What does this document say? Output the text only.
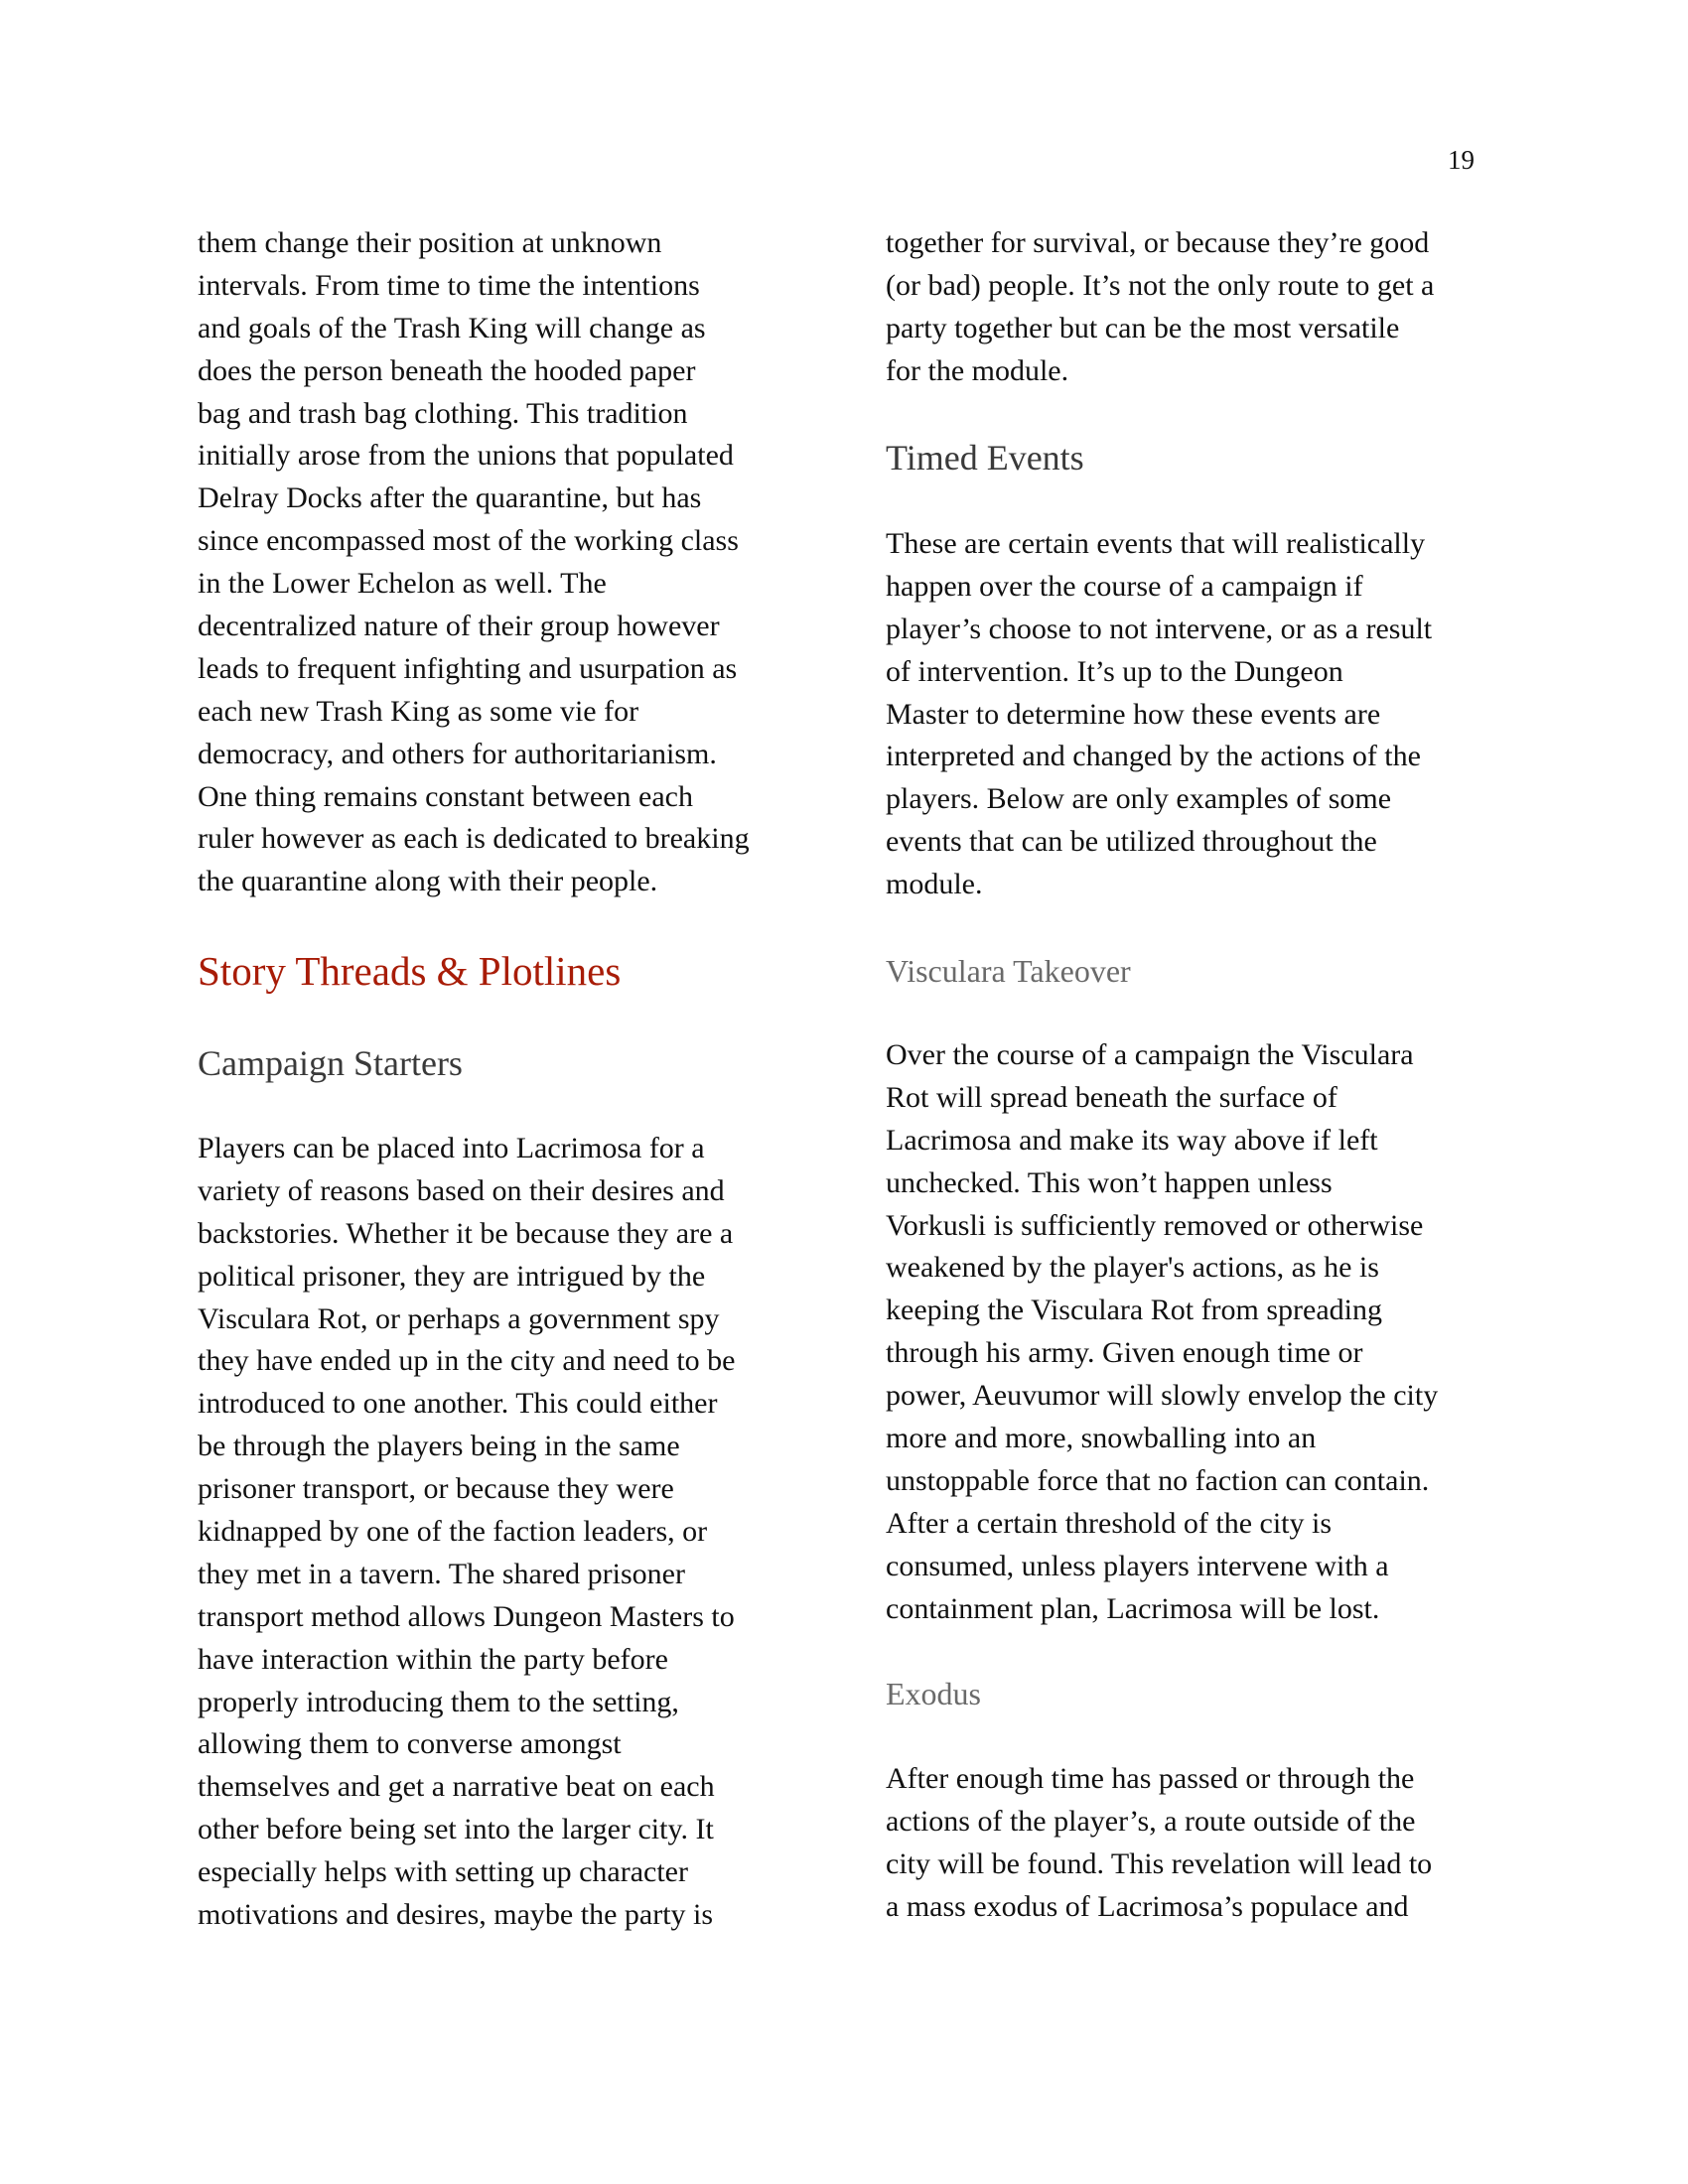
19
them change their position at unknown
intervals. From time to time the intentions
and goals of the Trash King will change as
does the person beneath the hooded paper
bag and trash bag clothing. This tradition
initially arose from the unions that populated
Delray Docks after the quarantine, but has
since encompassed most of the working class
in the Lower Echelon as well. The
decentralized nature of their group however
leads to frequent infighting and usurpation as
each new Trash King as some vie for
democracy, and others for authoritarianism.
One thing remains constant between each
ruler however as each is dedicated to breaking
the quarantine along with their people.
Story Threads & Plotlines
Campaign Starters
Players can be placed into Lacrimosa for a
variety of reasons based on their desires and
backstories. Whether it be because they are a
political prisoner, they are intrigued by the
Visculara Rot, or perhaps a government spy
they have ended up in the city and need to be
introduced to one another. This could either
be through the players being in the same
prisoner transport, or because they were
kidnapped by one of the faction leaders, or
they met in a tavern. The shared prisoner
transport method allows Dungeon Masters to
have interaction within the party before
properly introducing them to the setting,
allowing them to converse amongst
themselves and get a narrative beat on each
other before being set into the larger city. It
especially helps with setting up character
motivations and desires, maybe the party is
together for survival, or because they’re good
(or bad) people. It’s not the only route to get a
party together but can be the most versatile
for the module.
Timed Events
These are certain events that will realistically
happen over the course of a campaign if
player’s choose to not intervene, or as a result
of intervention. It’s up to the Dungeon
Master to determine how these events are
interpreted and changed by the actions of the
players. Below are only examples of some
events that can be utilized throughout the
module.
Visculara Takeover
Over the course of a campaign the Visculara
Rot will spread beneath the surface of
Lacrimosa and make its way above if left
unchecked. This won’t happen unless
Vorkusli is sufficiently removed or otherwise
weakened by the player's actions, as he is
keeping the Visculara Rot from spreading
through his army. Given enough time or
power, Aeuvumor will slowly envelop the city
more and more, snowballing into an
unstoppable force that no faction can contain.
After a certain threshold of the city is
consumed, unless players intervene with a
containment plan, Lacrimosa will be lost.
Exodus
After enough time has passed or through the
actions of the player’s, a route outside of the
city will be found. This revelation will lead to
a mass exodus of Lacrimosa’s populace and
